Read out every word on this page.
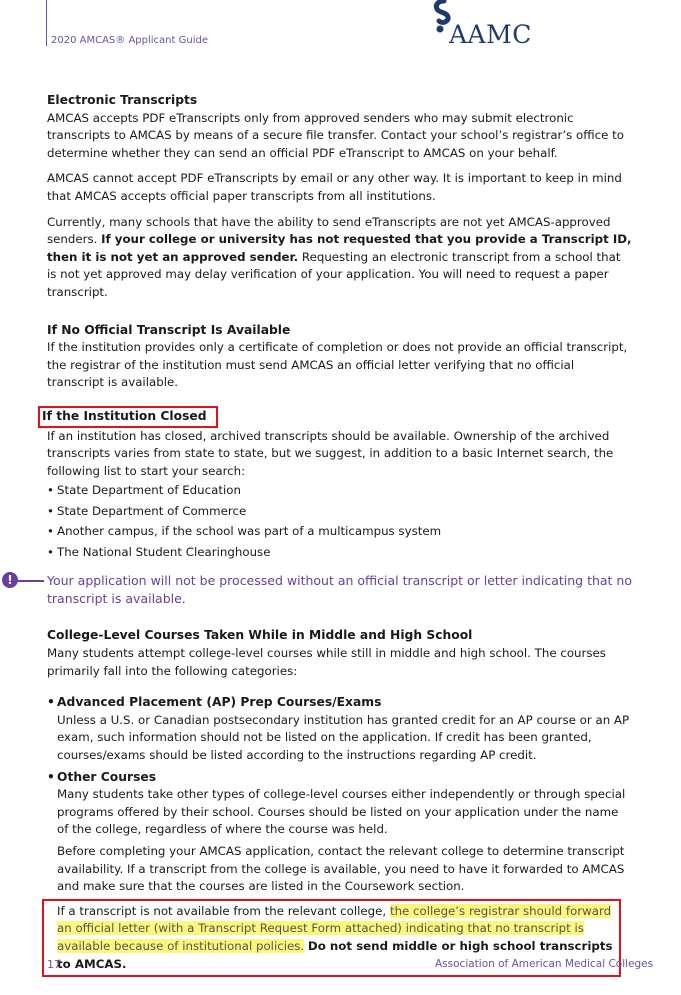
2020 AMCAS® Applicant Guide	AAMC

Electronic Transcripts

AMCAS accepts PDF eTranscripts only from approved senders who may submit electronic transcripts to AMCAS by means of a secure file transfer. Contact your school’s registrar’s office to determine whether they can send an official PDF eTranscript to AMCAS on your behalf.

AMCAS cannot accept PDF eTranscripts by email or any other way. It is important to keep in mind that AMCAS accepts official paper transcripts from all institutions.

Currently, many schools that have the ability to send eTranscripts are not yet AMCAS-approved senders. If your college or university has not requested that you provide a Transcript ID, then it is not yet an approved sender. Requesting an electronic transcript from a school that is not yet approved may delay verification of your application. You will need to request a paper transcript.

If No Official Transcript Is Available

If the institution provides only a certificate of completion or does not provide an official transcript, the registrar of the institution must send AMCAS an official letter verifying that no official transcript is available.

If the Institution Closed

If an institution has closed, archived transcripts should be available. Ownership of the archived transcripts varies from state to state, but we suggest, in addition to a basic Internet search, the following list to start your search:

• State Department of Education
• State Department of Commerce
• Another campus, if the school was part of a multicampus system
• The National Student Clearinghouse
!	Your application will not be processed without an official transcript or letter indicating that no transcript is available.

College-Level Courses Taken While in Middle and High School

Many students attempt college-level courses while still in middle and high school. The courses primarily fall into the following categories:

• Advanced Placement (AP) Prep Courses/Exams

Unless a U.S. or Canadian postsecondary institution has granted credit for an AP course or an AP exam, such information should not be listed on the application. If credit has been granted, courses/exams should be listed according to the instructions regarding AP credit.

• Other Courses

Many students take other types of college-level courses either independently or through special programs offered by their school. Courses should be listed on your application under the name of the college, regardless of where the course was held.

Before completing your AMCAS application, contact the relevant college to determine transcript availability. If a transcript from the college is available, you need to have it forwarded to AMCAS and make sure that the courses are listed in the Coursework section.

If a transcript is not available from the relevant college, the college’s registrar should forward an official letter (with a Transcript Request Form attached) indicating that no transcript is available because of institutional policies. Do not send middle or high school transcripts to AMCAS.

17	Association of American Medical Colleges
